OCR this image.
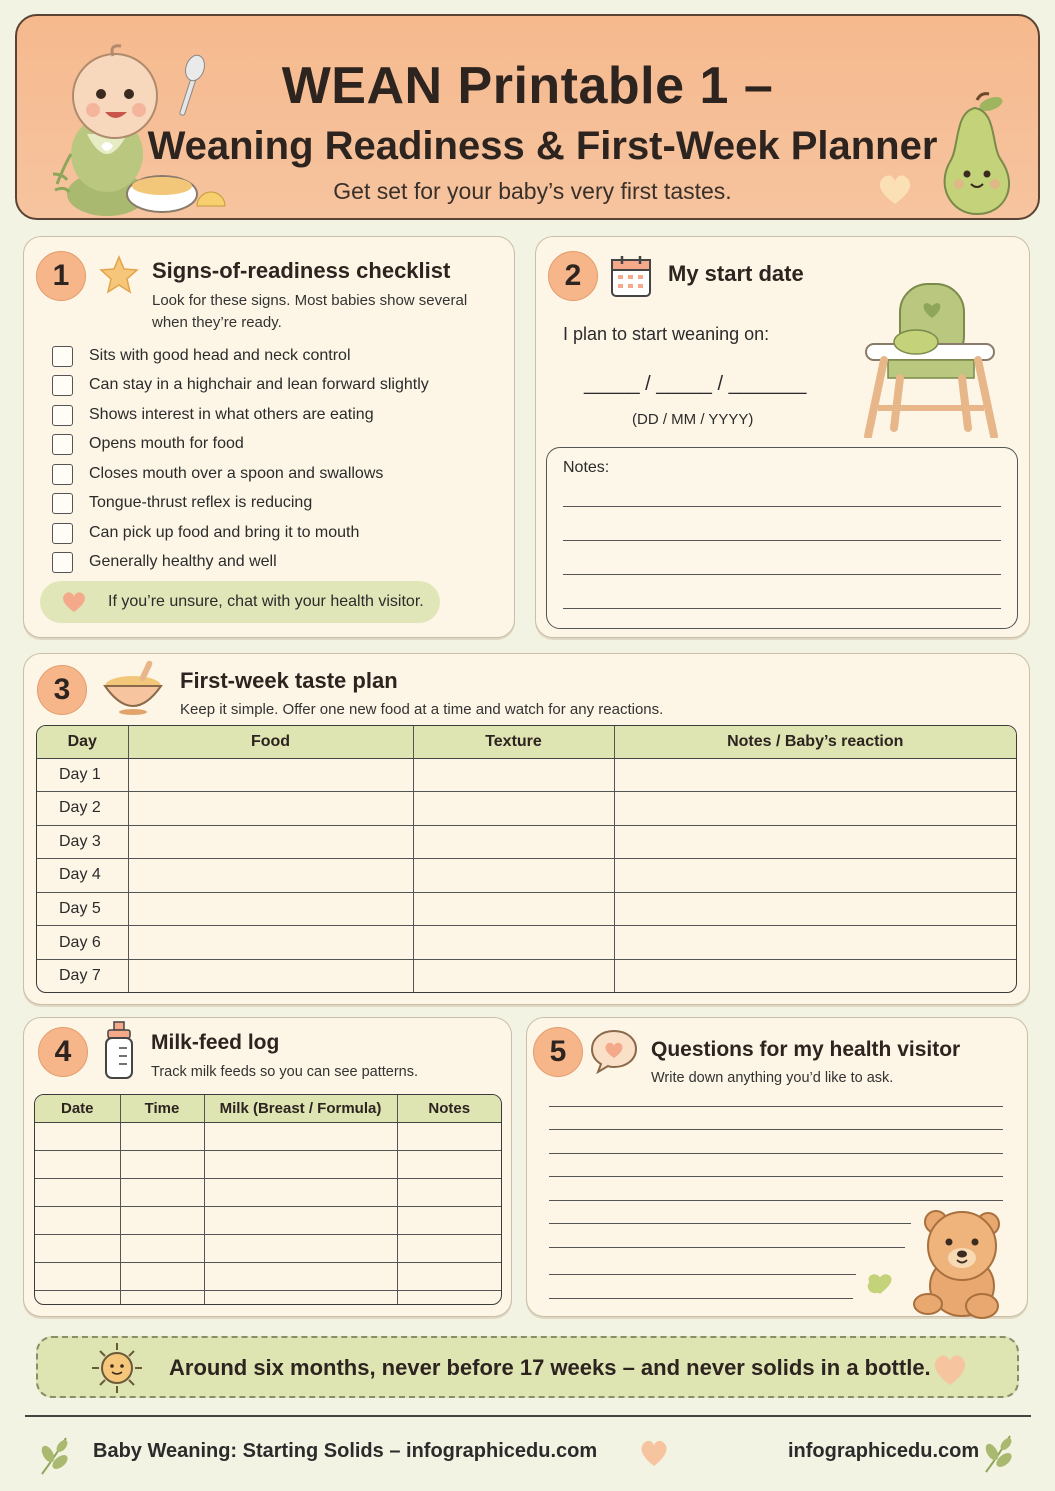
WEAN Printable 1 –
Weaning Readiness & First-Week Planner
Get set for your baby’s very first tastes.
1	Signs-of-readiness checklist
Look for these signs. Most babies show several when they’re ready.
Sits with good head and neck control
Can stay in a highchair and lean forward slightly
Shows interest in what others are eating
Opens mouth for food
Closes mouth over a spoon and swallows
Tongue-thrust reflex is reducing
Can pick up food and bring it to mouth
Generally healthy and well
If you’re unsure, chat with your health visitor.
2	My start date
I plan to start weaning on:
_____ / _____ / _______
(DD / MM / YYYY)
Notes:
3	First-week taste plan
Keep it simple. Offer one new food at a time and watch for any reactions.
Day	Food	Texture	Notes / Baby’s reaction
Day 1			
Day 2			
Day 3			
Day 4			
Day 5			
Day 6			
Day 7			
4	Milk-feed log
Track milk feeds so you can see patterns.
Date	Time	Milk (Breast / Formula)	Notes

5	Questions for my health visitor
Write down anything you’d like to ask.
Around six months, never before 17 weeks – and never solids in a bottle.
Baby Weaning: Starting Solids – infographicedu.com	infographicedu.com
